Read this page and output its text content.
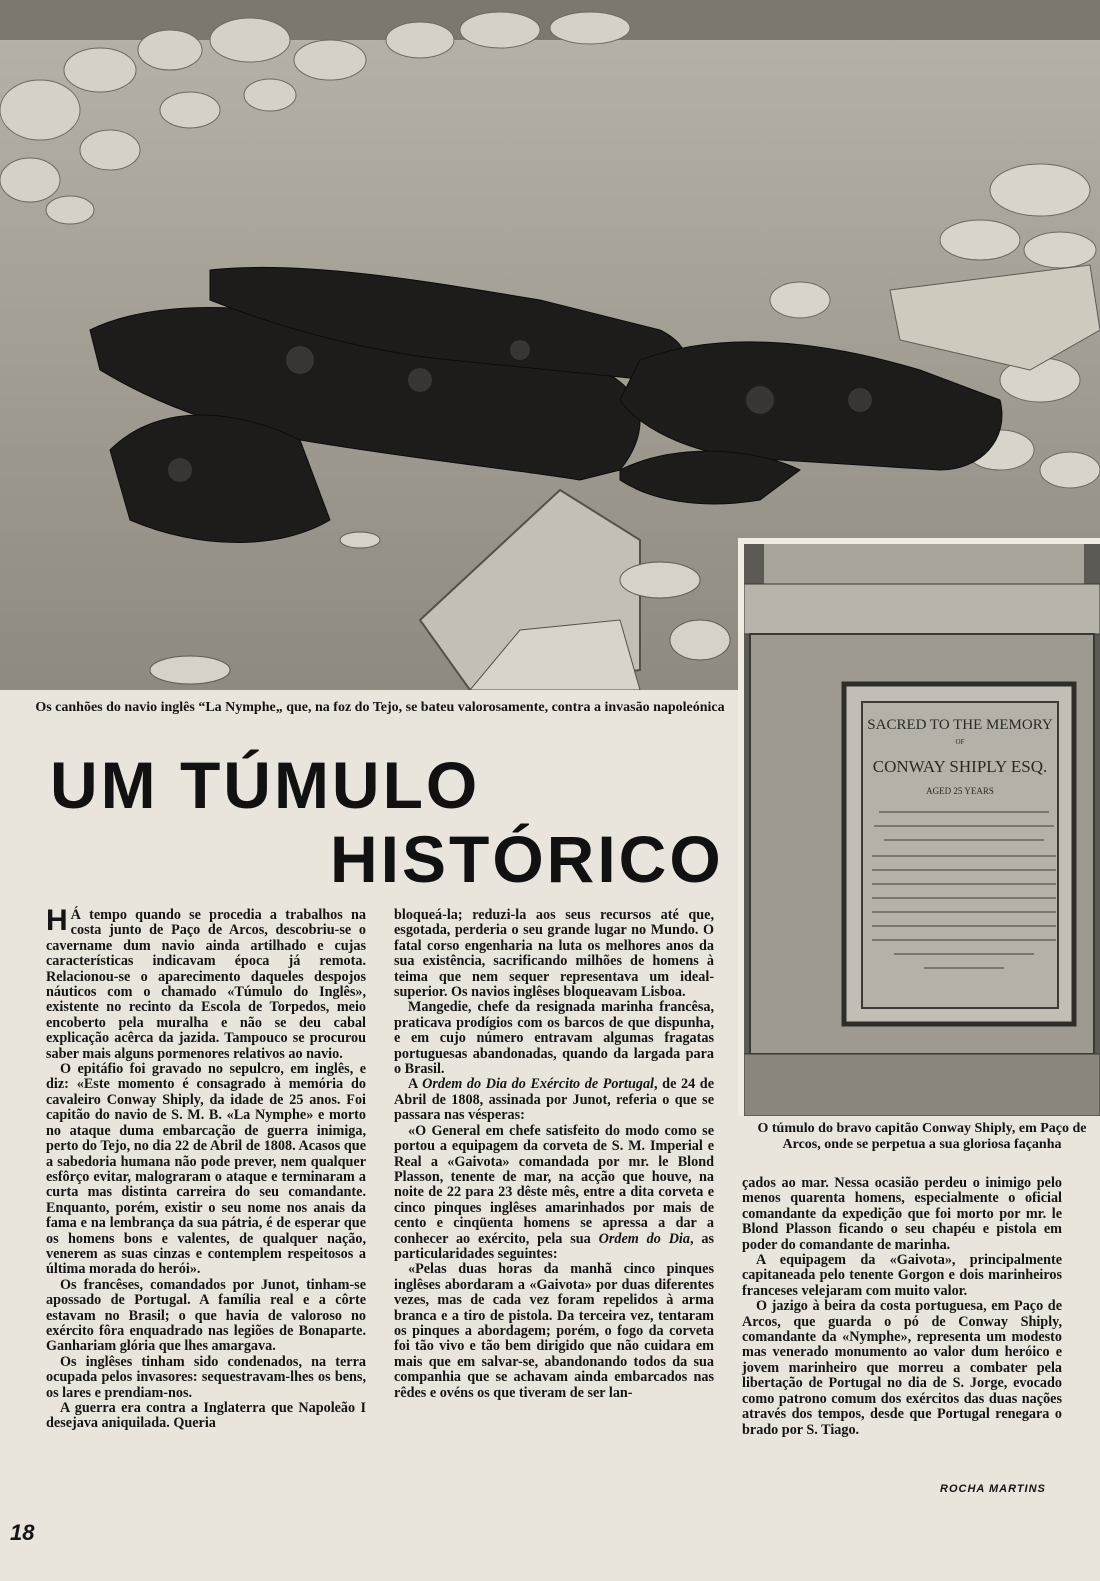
Os canhões do navio inglês “La Nymphe„ que, na foz do Tejo, se bateu valorosamente, contra a invasão napoleónica
SACRED TO THE MEMORY
OF
CONWAY SHIPLY ESQ.
AGED 25 YEARS
O túmulo do bravo capitão Conway Shiply, em Paço de Arcos, onde se perpetua a sua gloriosa façanha
UM TÚMULO
HISTÓRICO

H Á tempo quando se procedia a trabalhos na costa junto de Paço de Arcos, descobriu-se o cavername dum navio ainda artilhado e cujas características indicavam época já remota. Relacionou-se o aparecimento daqueles despojos náuticos com o chamado «Túmulo do Inglês», existente no recinto da Escola de Torpedos, meio encoberto pela muralha e não se deu cabal explicação acêrca da jazida. Tampouco se procurou saber mais alguns pormenores relativos ao navio.

O epitáfio foi gravado no sepulcro, em inglês, e diz: «Este momento é consagrado à memória do cavaleiro Conway Shiply, da idade de 25 anos. Foi capitão do navio de S. M. B. «La Nymphe» e morto no ataque duma embarcação de guerra inimiga, perto do Tejo, no dia 22 de Abril de 1808. Acasos que a sabedoria humana não pode prever, nem qualquer esfôrço evitar, malograram o ataque e terminaram a curta mas distinta carreira do seu comandante. Enquanto, porém, existir o seu nome nos anais da fama e na lembrança da sua pátria, é de esperar que os homens bons e valentes, de qualquer nação, venerem as suas cinzas e contemplem respeitosos a última morada do herói».

Os francêses, comandados por Junot, tinham-se apossado de Portugal. A família real e a côrte estavam no Brasil; o que havia de valoroso no exército fôra enquadrado nas legiões de Bonaparte. Ganhariam glória que lhes amargava.

Os inglêses tinham sido condenados, na terra ocupada pelos invasores: sequestravam-lhes os bens, os lares e prendiam-nos.

A guerra era contra a Inglaterra que Napoleão I desejava aniquilada. Queria

bloqueá-la; reduzi-la aos seus recursos até que, esgotada, perderia o seu grande lugar no Mundo. O fatal corso engenharia na luta os melhores anos da sua existência, sacrificando milhões de homens à teima que nem sequer representava um ideal-superior. Os navios inglêses bloqueavam Lisboa.

Mangedie, chefe da resignada marinha francêsa, praticava prodígios com os barcos de que dispunha, e em cujo número entravam algumas fragatas portuguesas abandonadas, quando da largada para o Brasil.

A Ordem do Dia do Exército de Portugal, de 24 de Abril de 1808, assinada por Junot, referia o que se passara nas vésperas:

«O General em chefe satisfeito do modo como se portou a equipagem da corveta de S. M. Imperial e Real a «Gaivota» comandada por mr. le Blond Plasson, tenente de mar, na acção que houve, na noite de 22 para 23 dêste mês, entre a dita corveta e cinco pinques inglêses amarinhados por mais de cento e cinqüenta homens se apressa a dar a conhecer ao exército, pela sua Ordem do Dia, as particularidades seguintes:

«Pelas duas horas da manhã cinco pinques inglêses abordaram a «Gaivota» por duas diferentes vezes, mas de cada vez foram repelidos à arma branca e a tiro de pistola. Da terceira vez, tentaram os pinques a abordagem; porém, o fogo da corveta foi tão vivo e tão bem dirigido que não cuidara em mais que em salvar-se, abandonando todos da sua companhia que se achavam ainda embarcados nas rêdes e ovéns os que tiveram de ser lan-

çados ao mar. Nessa ocasião perdeu o inimigo pelo menos quarenta homens, especialmente o oficial comandante da expedição que foi morto por mr. le Blond Plasson ficando o seu chapéu e pistola em poder do comandante de marinha.

A equipagem da «Gaivota», principalmente capitaneada pelo tenente Gorgon e dois marinheiros franceses velejaram com muito valor.

O jazigo à beira da costa portuguesa, em Paço de Arcos, que guarda o pó de Conway Shiply, comandante da «Nymphe», representa um modesto mas venerado monumento ao valor dum heróico e jovem marinheiro que morreu a combater pela libertação de Portugal no dia de S. Jorge, evocado como patrono comum dos exércitos das duas nações através dos tempos, desde que Portugal renegara o brado por S. Tiago.

ROCHA MARTINS
18
